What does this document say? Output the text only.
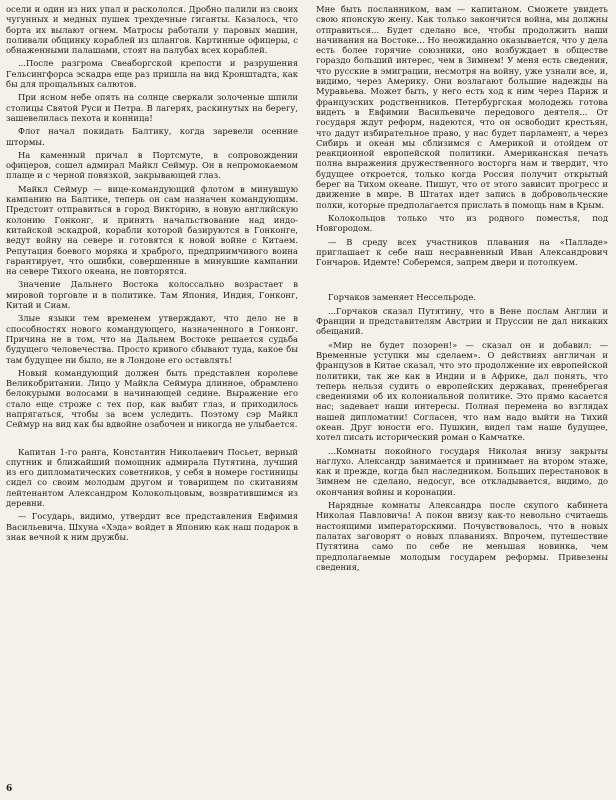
осели и один из них упал и раскололся. Дробно палили из своих чугунных и медных пушек трехдечные гиганты. Казалось, что борта их вылают огнем. Матросы работали у паровых машин, поливали общинку кораблей из шлангов. Картинные офицеры, с обнаженными палашами, стоят на палубах всех кораблей.

...После разгрома Свеаборгской крепости и разрушения Гельсингфорса эскадра еще раз пришла на вид Кронштадта, как бы для прощальных салютов.

При ясном небе опять на солнце сверкали золоченые шпили столицы Святой Руси и Петра. В лагерях, раскинутых на берегу, зашевелилась пехота и конница!

Флот начал покидать Балтику, когда заревели осенние штормы.

На каменный причал в Портсмуте, в сопровождении офицеров, сошел адмирал Майкл Сеймур. Он в непромокаемом плаще и с черной повязкой, закрывающей глаз.

Майкл Сеймур — вице-командующий флотом в минувшую кампанию на Балтике, теперь он сам назначен командующим. Предстоит отправиться в город Викторию, в новую английскую колонию Гонконг, и принять начальствование над индо-китайской эскадрой, корабли которой базируются в Гонконге, ведут войну на севере и готовятся к новой войне с Китаем. Репутация боевого моряка и храброго, предприимчивого воина гарантирует, что ошибки, совершенные в минувшие кампании на севере Тихого океана, не повторятся.

Значение Дальнего Востока колоссально возрастает в мировой торговле и в политике. Там Япония, Индия, Гонконг, Китай и Сиам.

Злые языки тем временем утверждают, что дело не в способностях нового командующего, назначенного в Гонконг. Причина не в том, что на Дальнем Востоке решается судьба будущего человечества. Просто кривого сбывают туда, какое бы там будущее ни было, не в Лондоне его оставлять!

Новый командующий должен быть представлен королеве Великобритании. Лицо у Майкла Сеймура длинное, обрамлено белокурыми волосами в начинающей седине. Выражение его стало еще строже с тех пор, как выбит глаз, и приходилось напрягаться, чтобы за всем уследить. Поэтому сэр Майкл Сеймур на вид как бы вдвойне озабочен и никогда не улыбается.

Капитан 1-го ранга, Константин Николаевич Посьет, верный спутник и ближайший помощник адмирала Путятина, лучший из его дипломатических советников, у себя в номере гостиницы сидел со своим молодым другом и товарищем по скитаниям лейтенантом Александром Колокольцовым, возвратившимся из деревни.

— Государь, видимо, утвердит все представления Евфимия Васильевича. Шхуна «Хэда» войдет в Японию как наш подарок в знак вечной к ним дружбы.

Мне быть посланником, вам — капитаном. Сможете увидеть свою японскую жену. Как только закончится война, мы должны отправиться... Будет сделано все, чтобы продолжить наши начинания на Востоке... Но неожиданно оказывается, что у дела есть более горячие союзники, оно возбуждает в обществе гораздо больший интерес, чем в Зимнем! У меня есть сведения, что русские в эмиграции, несмотря на войну, уже узнали все, и, видимо, через Америку. Они возлагают большие надежды на Муравьева. Может быть, у него есть ход к ним через Париж и французских родственников. Петербургская молодежь готова видеть в Евфимии Васильевиче передового деятеля... От государя ждут реформ, надеются, что он освободит крестьян, что дадут избирательное право, у нас будет парламент, а через Сибирь и океан мы сблизимся с Америкой и отойдем от реакционной европейской политики. Американская печать полна выражения дружественного восторга нам и твердит, что будущее откроется, только когда Россия получит открытый берег на Тихом океане. Пишут, что от этого зависит прогресс и движение в мире. В Штатах идет запись в добровольческие полки, которые предполагается прислать в помощь нам в Крым.

Колокольцов только что из родного поместья, под Новгородом.

— В среду всех участников плавания на «Палладе» приглашает к себе наш несравненный Иван Александрович Гончаров. Идемте! Соберемся, запрем двери и потолкуем.

Горчаков заменяет Нессельроде.

...Горчаков сказал Путятину, что в Вене послам Англии и Франции и представителям Австрии и Пруссии не дал никаких обещаний.

«Мир не будет позорен!» — сказал он и добавил: — Временные уступки мы сделаем». О действиях англичан и французов в Китае сказал, что это продолжение их европейской политики, так же как в Индии и в Африке, дал понять, что теперь нельзя судить о европейских державах, пренебрегая сведениями об их колониальной политике. Это прямо касается нас; задевает наши интересы. Полная перемена во взглядах нашей дипломатии! Согласен, что нам надо выйти на Тихий океан. Друг юности его. Пушкин, видел там наше будущее, хотел писать исторический роман о Камчатке.

...Комнаты покойного государя Николая внизу закрыты наглухо. Александр занимается и принимает на втором этаже, как и прежде, когда был наследником. Больших перестановок в Зимнем не сделано, недосуг, все откладывается, видимо, до окончания войны и коронации.

Нарядные комнаты Александра после скупого кабинета Николая Павловича! А покои внизу как-то невольно считаешь настоящими императорскими. Почувствовалось, что в новых палатах заговорят о новых плаваниях. Впрочем, путешествие Путятина само по себе не меньшая новинка, чем предполагаемые молодым государем реформы. Привезены сведения,

6
